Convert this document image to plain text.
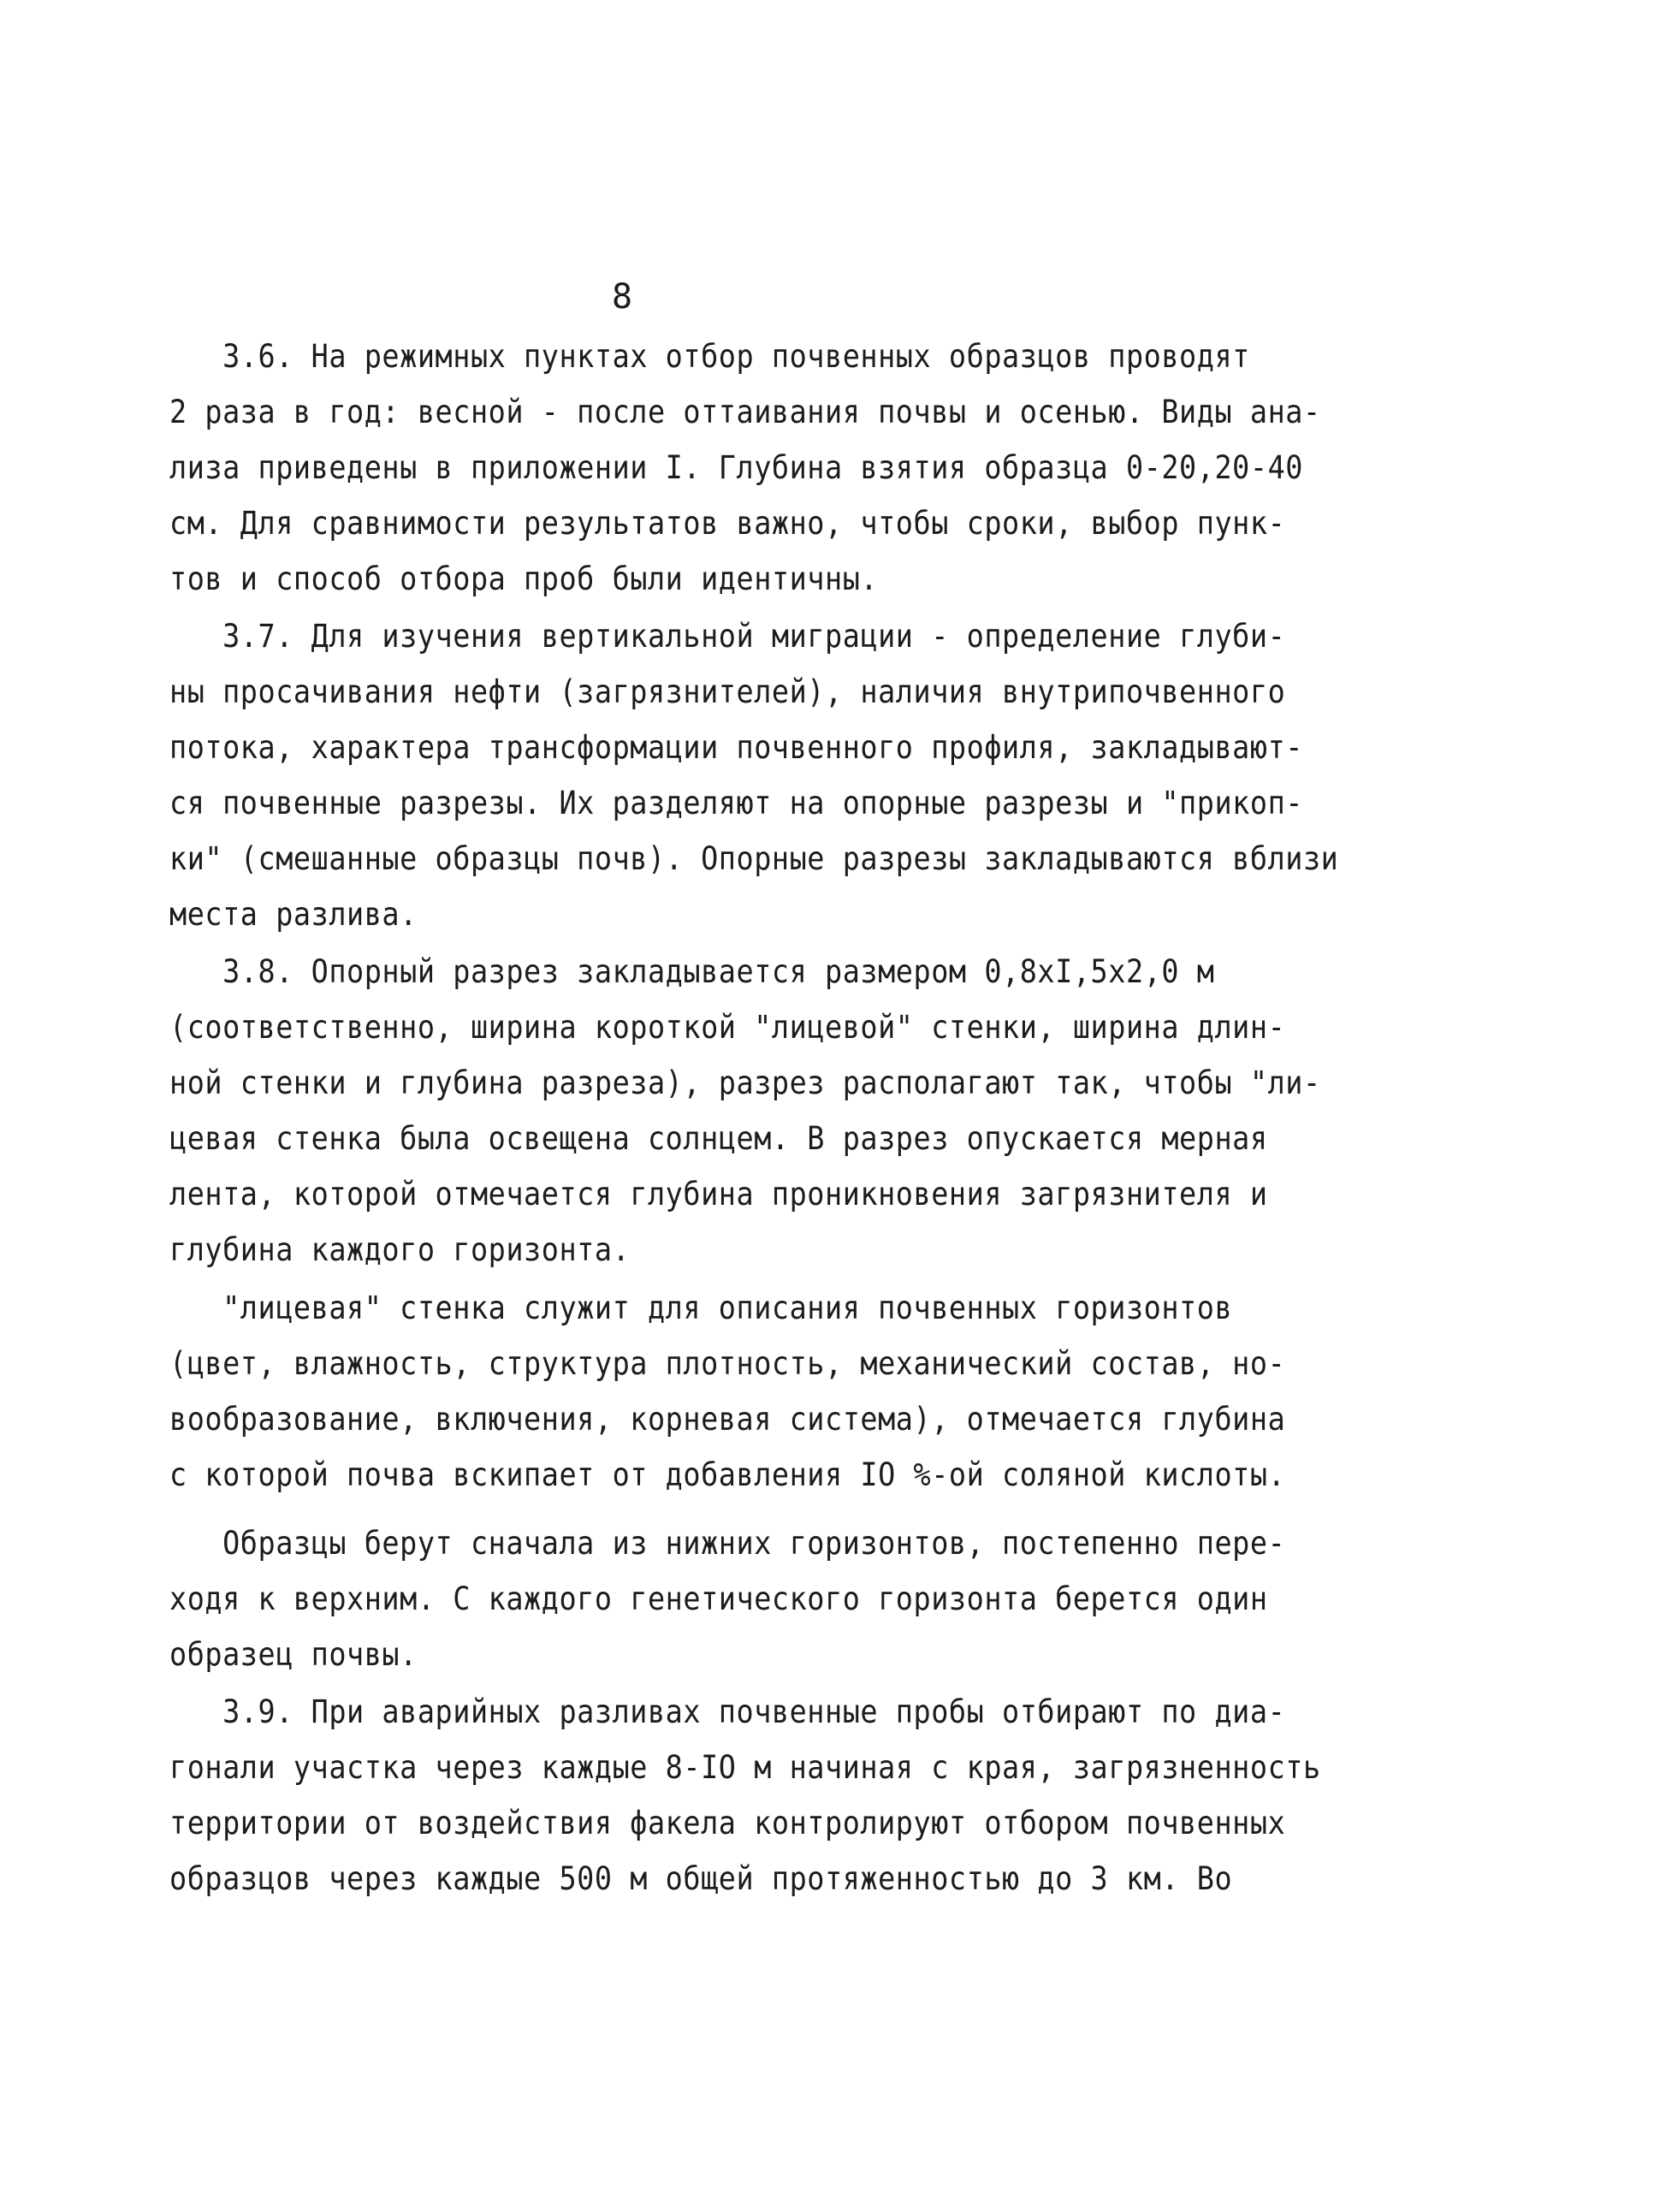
8
3.6. На режимных пунктах отбор почвенных образцов проводят
2 раза в год: весной - после оттаивания почвы и осенью. Виды ана-
лиза приведены в приложении I. Глубина взятия образца 0-20,20-40
см. Для сравнимости результатов важно, чтобы сроки, выбор пунк-
тов и способ отбора проб были идентичны.
3.7. Для изучения вертикальной миграции - определение глуби-
ны просачивания нефти (загрязнителей), наличия внутрипочвенного
потока, характера трансформации почвенного профиля, закладывают-
ся почвенные разрезы. Их разделяют на опорные разрезы и "прикоп-
ки" (смешанные образцы почв). Опорные разрезы закладываются вблизи
места разлива.
3.8. Опорный разрез закладывается размером 0,8хI,5х2,0 м
(соответственно, ширина короткой "лицевой" стенки, ширина длин-
ной стенки и глубина разреза), разрез располагают так, чтобы "ли-
цевая стенка была освещена солнцем. В разрез опускается мерная
лента, которой отмечается глубина проникновения загрязнителя и
глубина каждого горизонта.
"лицевая" стенка служит для описания почвенных горизонтов
(цвет, влажность, структура плотность, механический состав, но-
вообразование, включения, корневая система), отмечается глубина
с которой почва вскипает от добавления IO %-ой соляной кислоты.
Образцы берут сначала из нижних горизонтов, постепенно пере-
ходя к верхним. С каждого генетического горизонта берется один
образец почвы.
3.9. При аварийных разливах почвенные пробы отбирают по диа-
гонали участка через каждые 8-IO м начиная с края, загрязненность
территории от воздействия факела контролируют отбором почвенных
образцов через каждые 500 м общей протяженностью до 3 км. Во
